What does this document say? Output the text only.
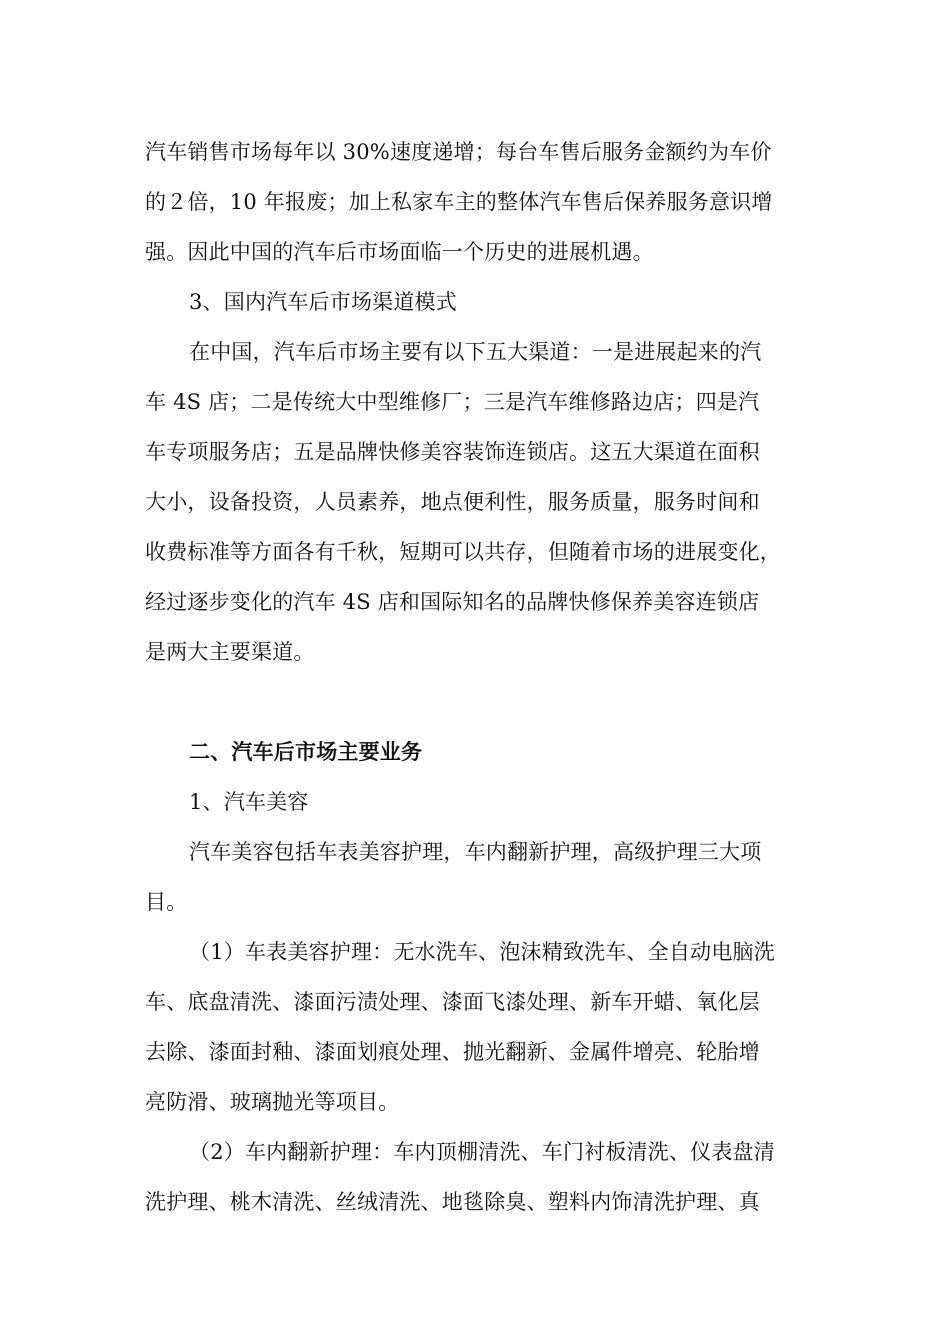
汽车销售市场每年以 30%速度递增；每台车售后服务金额约为车价
的２倍，10 年报废；加上私家车主的整体汽车售后保养服务意识增
强。因此中国的汽车后市场面临一个历史的进展机遇。

3、国内汽车后市场渠道模式

在中国，汽车后市场主要有以下五大渠道：一是进展起来的汽
车 4S 店；二是传统大中型维修厂；三是汽车维修路边店；四是汽
车专项服务店；五是品牌快修美容装饰连锁店。这五大渠道在面积
大小，设备投资，人员素养，地点便利性，服务质量，服务时间和
收费标准等方面各有千秋，短期可以共存，但随着市场的进展变化，
经过逐步变化的汽车 4S 店和国际知名的品牌快修保养美容连锁店
是两大主要渠道。

二、汽车后市场主要业务

1、汽车美容

汽车美容包括车表美容护理，车内翻新护理，高级护理三大项
目。

（1）车表美容护理：无水洗车、泡沫精致洗车、全自动电脑洗
车、底盘清洗、漆面污渍处理、漆面飞漆处理、新车开蜡、氧化层
去除、漆面封釉、漆面划痕处理、抛光翻新、金属件增亮、轮胎增
亮防滑、玻璃抛光等项目。

（2）车内翻新护理：车内顶棚清洗、车门衬板清洗、仪表盘清
洗护理、桃木清洗、丝绒清洗、地毯除臭、塑料内饰清洗护理、真
